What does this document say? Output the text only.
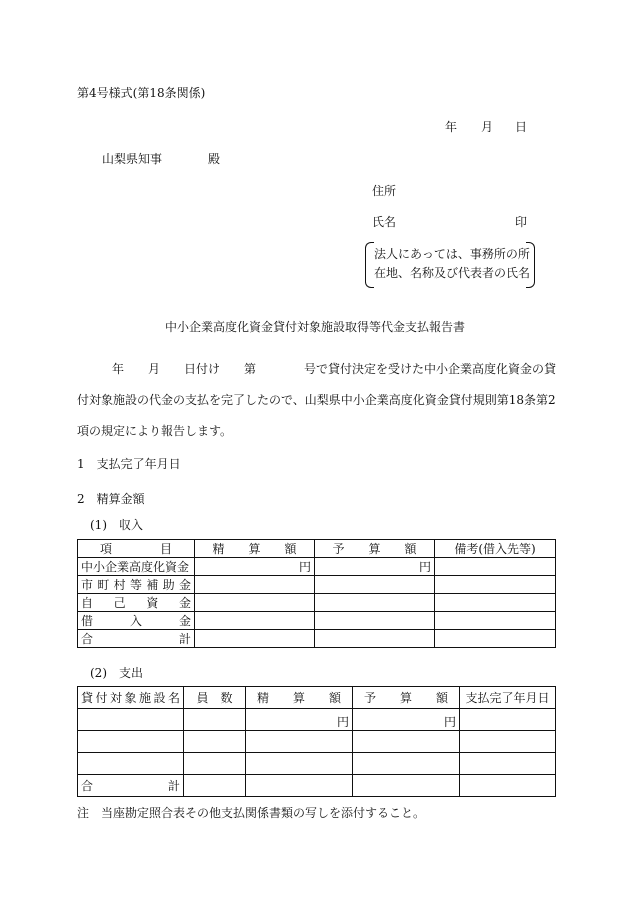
第4号様式(第18条関係)
年 月 日
山梨県知事	殿
住所
氏名	印
法人にあっては、事務所の所
在地、名称及び代表者の氏名
中小企業高度化資金貸付対象施設取得等代金支払報告書
年　　月　　日付け　　第　　　　号で貸付決定を受けた中小企業高度化資金の貸
付対象施設の代金の支払を完了したので、山梨県中小企業高度化資金貸付規則第18条第2
項の規定により報告します。
1　支払完了年月日
2　精算金額
(1)　収入
項　　　　目	精　　算　　額	予　　算　　額	備考(借入先等)
中小企業高度化資金	円	円	
市町村等補助金			
自己資金			
借入金			
合計			
(2)　支出
貸付対象施設名	員　数	精　　算　　額	予　　算　　額	支払完了年月日
		円	円	

合計				
注　当座勘定照合表その他支払関係書類の写しを添付すること。
